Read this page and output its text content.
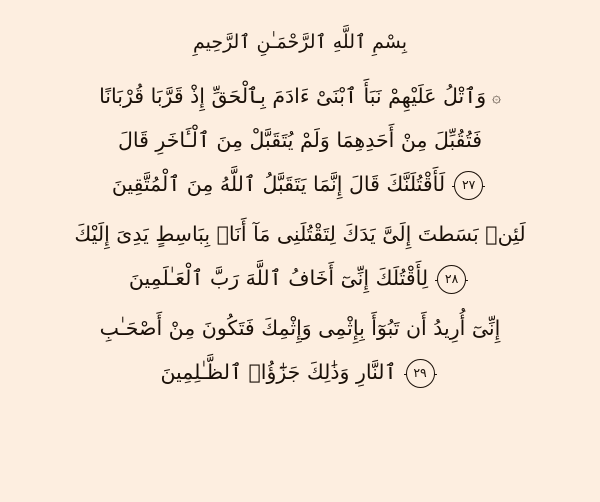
بِسْمِ ٱللَّهِ ٱلرَّحْمَـٰنِ ٱلرَّحِيمِ
۞وَٱتْلُ عَلَيْهِمْ نَبَأَ ٱبْنَىْ ءَادَمَ بِٱلْحَقِّ إِذْ قَرَّبَا قُرْبَانًا
فَتُقُبِّلَ مِنْ أَحَدِهِمَا وَلَمْ يُتَقَبَّلْ مِنَ ٱلْـَٔاخَرِ قَالَ
٢٧لَأَقْتُلَنَّكَ قَالَ إِنَّمَا يَتَقَبَّلُ ٱللَّهُ مِنَ ٱلْمُتَّقِينَ
لَئِنۢ بَسَطتَ إِلَىَّ يَدَكَ لِتَقْتُلَنِى مَآ أَنَا۠ بِبَاسِطٍ يَدِىَ إِلَيْكَ
٢٨لِأَقْتُلَكَ إِنِّىٓ أَخَافُ ٱللَّهَ رَبَّ ٱلْعَـٰلَمِينَ
إِنِّىٓ أُرِيدُ أَن تَبُوٓأَ بِإِثْمِى وَإِثْمِكَ فَتَكُونَ مِنْ أَصْحَـٰبِ
٢٩ٱلنَّارِ وَذَٰلِكَ جَزَٰٓؤُا۟ ٱلظَّـٰلِمِينَ
